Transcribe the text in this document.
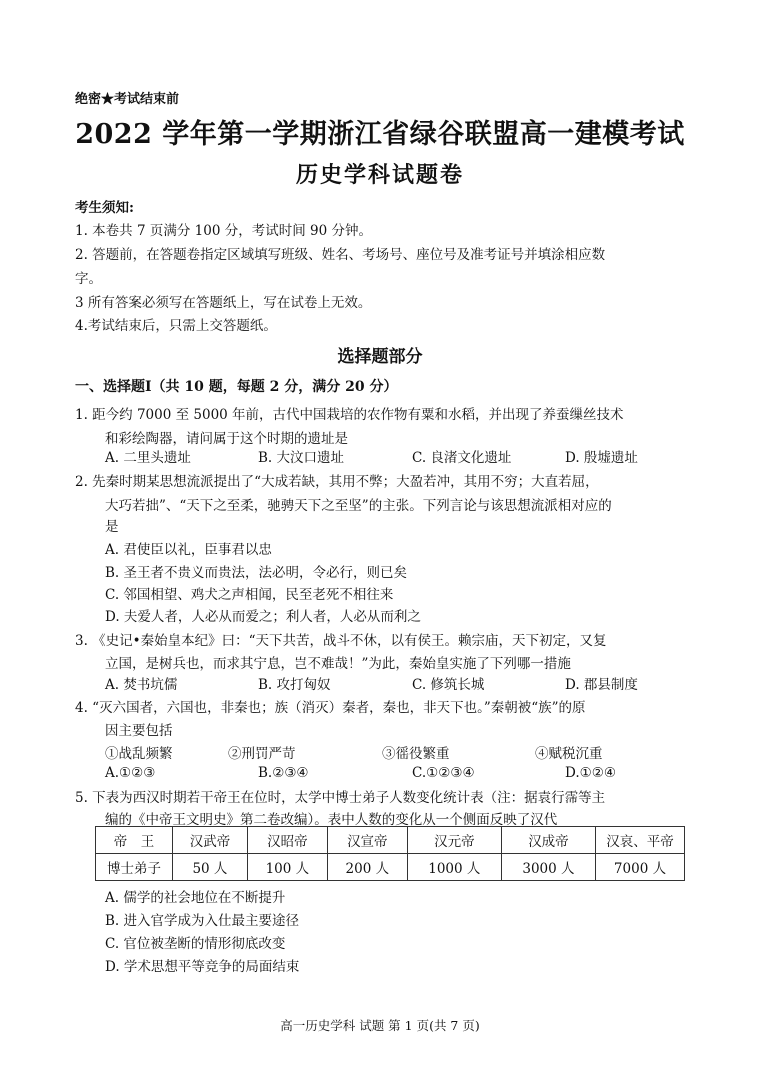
绝密★考试结束前
2022 学年第一学期浙江省绿谷联盟高一建模考试
历史学科试题卷
考生须知:
1. 本卷共 7 页满分 100 分，考试时间 90 分钟。
2. 答题前，在答题卷指定区域填写班级、姓名、考场号、座位号及准考证号并填涂相应数
字。
3 所有答案必须写在答题纸上，写在试卷上无效。
4.考试结束后，只需上交答题纸。
选择题部分
一、选择题Ⅰ（共 10 题，每题 2 分，满分 20 分）
1. 距今约 7000 至 5000 年前，古代中国栽培的农作物有粟和水稻，并出现了养蚕缫丝技术
和彩绘陶器，请问属于这个时期的遗址是
A. 二里头遗址	B. 大汶口遗址	C. 良渚文化遗址	D. 殷墟遗址
2. 先秦时期某思想流派提出了“大成若缺，其用不弊；大盈若冲，其用不穷；大直若屈，
大巧若拙”、“天下之至柔，驰骋天下之至坚”的主张。下列言论与该思想流派相对应的
是
A. 君使臣以礼，臣事君以忠
B. 圣王者不贵义而贵法，法必明，令必行，则已矣
C. 邻国相望、鸡犬之声相闻，民至老死不相往来
D. 夫爱人者，人必从而爱之；利人者，人必从而利之
3. 《史记•秦始皇本纪》曰：“天下共苦，战斗不休，以有侯王。赖宗庙，天下初定，又复
立国，是树兵也，而求其宁息，岂不难哉！”为此，秦始皇实施了下列哪一措施
A. 焚书坑儒	B. 攻打匈奴	C. 修筑长城	D. 郡县制度
4. “灭六国者，六国也，非秦也；族（消灭）秦者，秦也，非天下也。”秦朝被“族”的原
因主要包括
①战乱频繁	②刑罚严苛	③徭役繁重	④赋税沉重
A.①②③	B.②③④	C.①②③④	D.①②④
5. 下表为西汉时期若干帝王在位时，太学中博士弟子人数变化统计表（注：据袁行霈等主
编的《中帝王文明史》第二卷改编）。表中人数的变化从一个侧面反映了汉代
帝　王	汉武帝	汉昭帝	汉宣帝	汉元帝	汉成帝	汉哀、平帝
博士弟子	50 人	100 人	200 人	1000 人	3000 人	7000 人
A. 儒学的社会地位在不断提升
B. 进入官学成为入仕最主要途径
C. 官位被垄断的情形彻底改变
D. 学术思想平等竞争的局面结束
高一历史学科 试题 第 1 页(共 7 页)
